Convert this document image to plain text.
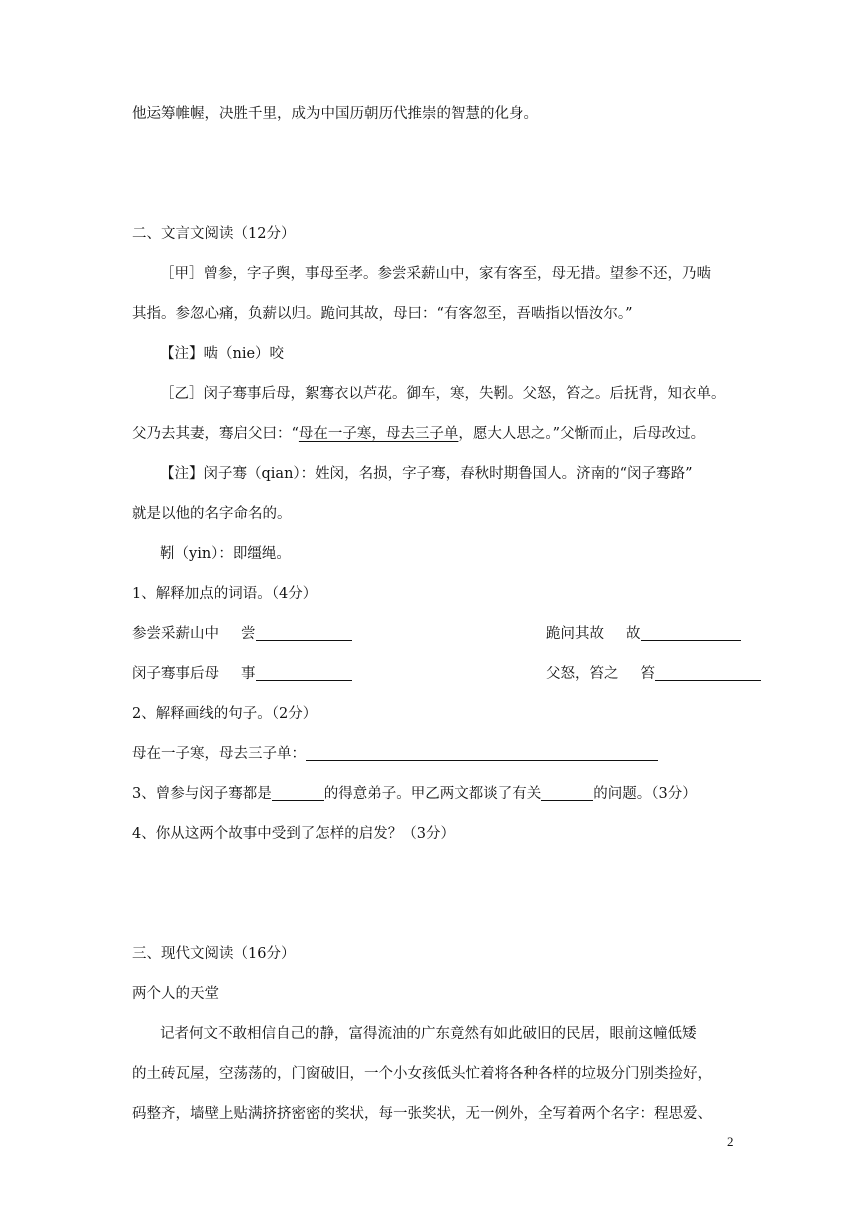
他运筹帷幄，决胜千里，成为中国历朝历代推崇的智慧的化身。
二、文言文阅读（12分）
［甲］曾参，字子舆，事母至孝。参尝采薪山中，家有客至，母无措。望参不还，乃啮
其指。参忽心痛，负薪以归。跪问其故，母曰：“有客忽至，吾啮指以悟汝尔。”
【注】啮（nie）咬
［乙］闵子骞事后母，絮骞衣以芦花。御车，寒，失靷。父怒，笞之。后抚背，知衣单。
父乃去其妻，骞启父曰：“母在一子寒，母去三子单，愿大人思之。”父惭而止，后母改过。
【注】闵子骞（qian）：姓闵，名损，字子骞，春秋时期鲁国人。济南的“闵子骞路”
就是以他的名字命名的。
靷（yin）：即缰绳。
1、解释加点的词语。（4分）
参尝采薪山中 尝	跪问其故 故
闵子骞事后母 事	父怒，笞之 笞
2、解释画线的句子。（2分）
母在一子寒，母去三子单：
3、曾参与闵子骞都是	的得意弟子。甲乙两文都谈了有关	的问题。（3分）
4、你从这两个故事中受到了怎样的启发？（3分）
三、现代文阅读（16分）
两个人的天堂
记者何文不敢相信自己的静，富得流油的广东竟然有如此破旧的民居，眼前这幢低矮
的土砖瓦屋，空荡荡的，门窗破旧，一个小女孩低头忙着将各种各样的垃圾分门别类捡好，
码整齐，墙壁上贴满挤挤密密的奖状，每一张奖状，无一例外，全写着两个名字：程思爱、
2
